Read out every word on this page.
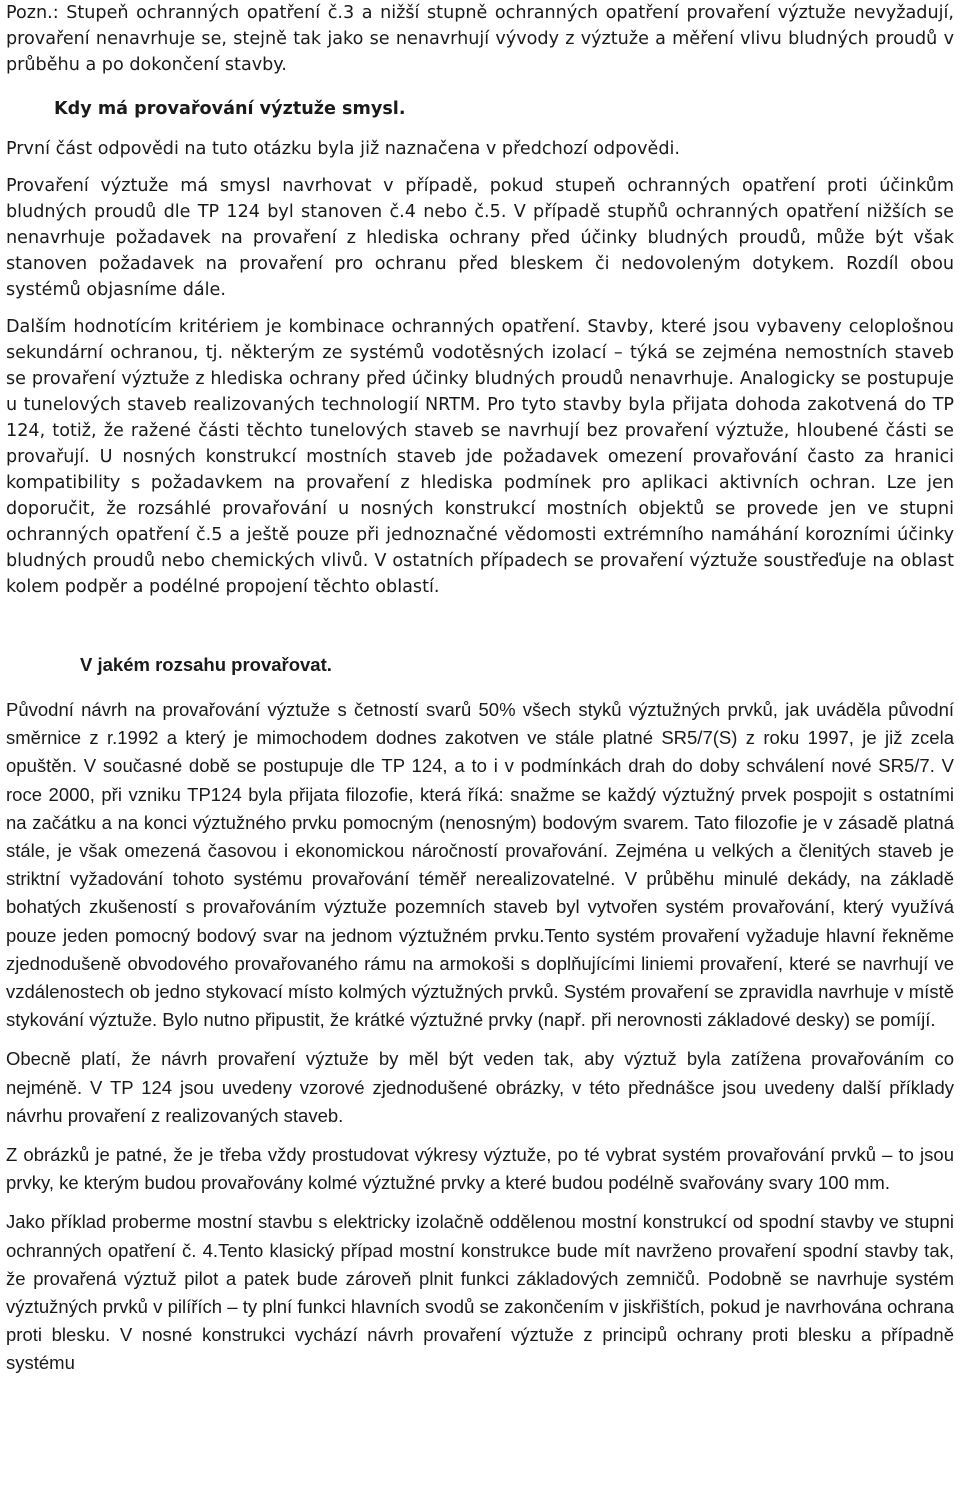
Pozn.: Stupeň ochranných opatření č.3 a nižší stupně ochranných opatření provaření výztuže nevyžadují, provaření nenavrhuje se, stejně tak jako se nenavrhují vývody z výztuže a měření vlivu bludných proudů v průběhu a po dokončení stavby.

Kdy má provařování výztuže smysl.

První část odpovědi na tuto otázku byla již naznačena v předchozí odpovědi.

Provaření výztuže má smysl navrhovat v případě, pokud stupeň ochranných opatření proti účinkům bludných proudů dle TP 124 byl stanoven č.4 nebo č.5. V případě stupňů ochranných opatření nižších se nenavrhuje požadavek na provaření z hlediska ochrany před účinky bludných proudů, může být však stanoven požadavek na provaření pro ochranu před bleskem či nedovoleným dotykem. Rozdíl obou systémů objasníme dále.

Dalším hodnotícím kritériem je kombinace ochranných opatření. Stavby, které jsou vybaveny celoplošnou sekundární ochranou, tj. některým ze systémů vodotěsných izolací – týká se zejména nemostních staveb se provaření výztuže z hlediska ochrany před účinky bludných proudů nenavrhuje. Analogicky se postupuje u tunelových staveb realizovaných technologií NRTM. Pro tyto stavby byla přijata dohoda zakotvená do TP 124, totiž, že ražené části těchto tunelových staveb se navrhují bez provaření výztuže, hloubené části se provařují. U nosných konstrukcí mostních staveb jde požadavek omezení provařování často za hranici kompatibility s požadavkem na provaření z hlediska podmínek pro aplikaci aktivních ochran. Lze jen doporučit, že rozsáhlé provařování u nosných konstrukcí mostních objektů se provede jen ve stupni ochranných opatření č.5 a ještě pouze při jednoznačné vědomosti extrémního namáhání korozními účinky bludných proudů nebo chemických vlivů. V ostatních případech se provaření výztuže soustřeďuje na oblast kolem podpěr a podélné propojení těchto oblastí.

V jakém rozsahu provařovat.

Původní návrh na provařování výztuže s četností svarů 50% všech styků výztužných prvků, jak uváděla původní směrnice z r.1992 a který je mimochodem dodnes zakotven ve stále platné SR5/7(S) z roku 1997, je již zcela opuštěn. V současné době se postupuje dle TP 124, a to i v podmínkách drah do doby schválení nové SR5/7. V roce 2000, při vzniku TP124 byla přijata filozofie, která říká: snažme se každý výztužný prvek pospojit s ostatními na začátku a na konci výztužného prvku pomocným (nenosným) bodovým svarem. Tato filozofie je v zásadě platná stále, je však omezená časovou i ekonomickou náročností provařování. Zejména u velkých a členitých staveb je striktní vyžadování tohoto systému provařování téměř nerealizovatelné. V průběhu minulé dekády, na základě bohatých zkušeností s provařováním výztuže pozemních staveb byl vytvořen systém provařování, který využívá pouze jeden pomocný bodový svar na jednom výztužném prvku.Tento systém provaření vyžaduje hlavní řekněme zjednodušeně obvodového provařovaného rámu na armokoši s doplňujícími liniemi provaření, které se navrhují ve vzdálenostech ob jedno stykovací místo kolmých výztužných prvků. Systém provaření se zpravidla navrhuje v místě stykování výztuže. Bylo nutno připustit, že krátké výztužné prvky (např. při nerovnosti základové desky) se pomíjí.

Obecně platí, že návrh provaření výztuže by měl být veden tak, aby výztuž byla zatížena provařováním co nejméně. V TP 124 jsou uvedeny vzorové zjednodušené obrázky, v této přednášce jsou uvedeny další příklady návrhu provaření z realizovaných staveb.

Z obrázků je patné, že je třeba vždy prostudovat výkresy výztuže, po té vybrat systém provařování prvků – to jsou prvky, ke kterým budou provařovány kolmé výztužné prvky a které budou podélně svařovány svary 100 mm.

Jako příklad proberme mostní stavbu s elektricky izolačně oddělenou mostní konstrukcí od spodní stavby ve stupni ochranných opatření č. 4.Tento klasický případ mostní konstrukce bude mít navrženo provaření spodní stavby tak, že provařená výztuž pilot a patek bude zároveň plnit funkci základových zemničů. Podobně se navrhuje systém výztužných prvků v pilířích – ty plní funkci hlavních svodů se zakončením v jiskřištích, pokud je navrhována ochrana proti blesku. V nosné konstrukci vychází návrh provaření výztuže z principů ochrany proti blesku a případně systému
